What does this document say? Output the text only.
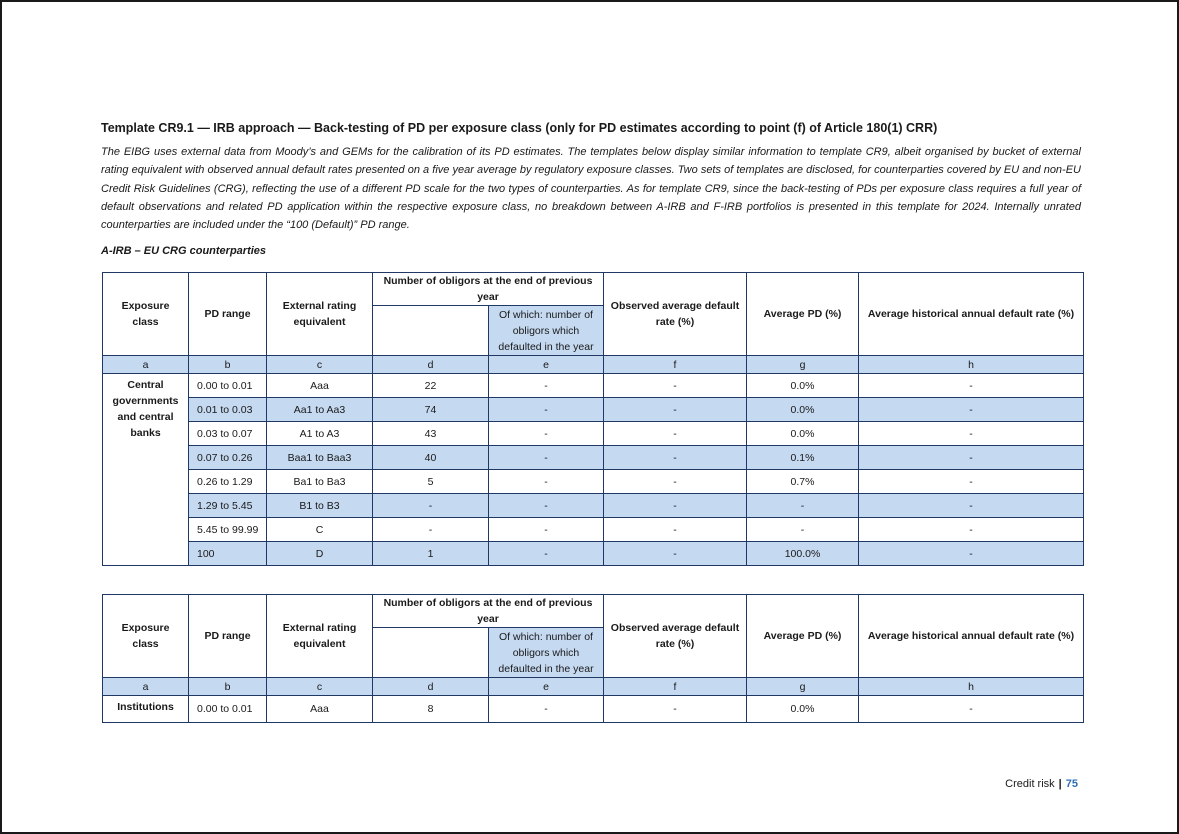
Template CR9.1 — IRB approach — Back-testing of PD per exposure class (only for PD estimates according to point (f) of Article 180(1) CRR)

The EIBG uses external data from Moody’s and GEMs for the calibration of its PD estimates. The templates below display similar information to template CR9, albeit organised by bucket of external rating equivalent with observed annual default rates presented on a five year average by regulatory exposure classes. Two sets of templates are disclosed, for counterparties covered by EU and non-EU Credit Risk Guidelines (CRG), reflecting the use of a different PD scale for the two types of counterparties. As for template CR9, since the back-testing of PDs per exposure class requires a full year of default observations and related PD application within the respective exposure class, no breakdown between A-IRB and F-IRB portfolios is presented in this template for 2024. Internally unrated counterparties are included under the “100 (Default)” PD range.

A-IRB – EU CRG counterparties

Exposure class	PD range	External rating equivalent	Number of obligors at the end of previous year		Observed average default rate (%)	Average PD (%)	Average historical annual default rate (%)
				Of which: number of obligors which defaulted in the year			
a	b	c	d	e	f	g	h
Central governments and central banks	0.00 to 0.01	Aaa	22	-	-	0.0%	-
	0.01 to 0.03	Aa1 to Aa3	74	-	-	0.0%	-
	0.03 to 0.07	A1 to A3	43	-	-	0.0%	-
	0.07 to 0.26	Baa1 to Baa3	40	-	-	0.1%	-
	0.26 to 1.29	Ba1 to Ba3	5	-	-	0.7%	-
	1.29 to 5.45	B1 to B3	-	-	-	-	-
	5.45 to 99.99	C	-	-	-	-	-
	100	D	1	-	-	100.0%	-
Exposure class	PD range	External rating equivalent	Number of obligors at the end of previous year		Observed average default rate (%)	Average PD (%)	Average historical annual default rate (%)
				Of which: number of obligors which defaulted in the year			
a	b	c	d	e	f	g	h
Institutions	0.00 to 0.01	Aaa	8	-	-	0.0%	-
Credit risk | 75
